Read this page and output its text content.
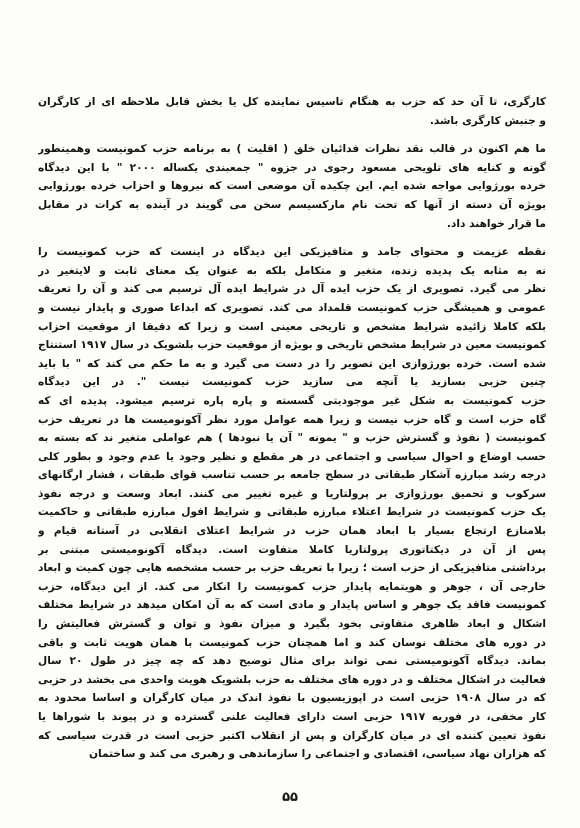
کارگری، تا آن حد که حزب به هنگام تاسیس نماینده کل یا بخش قابل ملاحظه ای از کارگران
و جنبش کارگری باشد.
ما هم اکنون در قالب نقد نظرات فدائیان خلق ( اقلیت ) به برنامه حزب کمونیست وهمینطور
گونه و کنایه های تلویحی مسعود رجوی در جزوه " جمعبندی یکساله ۲۰۰۰ " با این دیدگاه
خرده بورژوایی مواجه شده ایم. این چکیده آن موضعی است که نیروها و احزاب خرده بورژوایی
بویژه آن دسته از آنها که تحت نام مارکسیسم سخن می گویند در آینده به کرات در مقابل
ما قرار خواهند داد.
نقطه عزیمت و محتوای جامد و متافیزیکی این دیدگاه در اینست که حزب کمونیست را
نه به مثابه یک پدیده زنده، متغیر و متکامل بلکه به عنوان یک معنای ثابت و لایتغیر در
نظر می گیرد. تصویری از یک حزب ایده آل در شرایط ایده آل ترسیم می کند و آن را تعریف
عمومی و همیشگی حزب کمونیست قلمداد می کند. تصویری که ابداعا صوری و پایدار نیست و
بلکه کاملا زائیده شرایط مشخص و تاریخی معینی است و زیرا که دقیقا از موقعیت احزاب
کمونیست معین در شرایط مشخص تاریخی و بویژه از موقعیت حزب بلشویک در سال ۱۹۱۷ استنتاج
شده است. خرده بورژوازی این تصویر را در دست می گیرد و به ما حکم می کند که " با باید
چنین حزبی بسازید یا آنچه می سازید حزب کمونیست نیست ". در این دیدگاه
حزب کمونیست به شکل غیر موجودیتی گسسته و پاره پاره ترسیم میشود. پدیده ای که
گاه حزب است و گاه حزب نیست و زیرا همه عوامل مورد نظر آکونومیست ها در تعریف حزب
کمونیست ( نفوذ و گسترش حزب و " یمونه " آن یا نبودها ) هم عواملی متغیر ند که بسته به
حسب اوضاع و احوال سیاسی و اجتماعی در هر مقطع و نظیر وجود یا عدم وجود و بطور کلی
درجه رشد مبارزه آشکار طبقاتی در سطح جامعه بر حسب تناسب قوای طبقات ، فشار ارگانهای
سرکوب و تحمیق بورژوازی بر پرولتاریا و غیره تغییر می کنند. ابعاد وسعت و درجه نفوذ
یک حزب کمونیست در شرایط اعتلاء مبارزه طبقاتی و شرایط افول مبارزه طبقاتی و حاکمیت
بلامنازع ارتجاع بسیار با ابعاد همان حزب در شرایط اعتلای انقلابی در آستانه قیام و
پس از آن در دیکتاتوری پرولتاریا کاملا متفاوت است. دیدگاه آکونومیستی مبتنی بر
برداشتی متافیزیکی از حزب است ؛ زیرا با تعریف حزب بر حسب مشخصه هایی چون کمیت و ابعاد
خارجی آن ، جوهر و هویتمایه پایدار حزب کمونیست را انکار می کند. از این دیدگاه، حزب
کمونیست فاقد یک جوهر و اساس پایدار و مادی است که به آن امکان میدهد در شرایط مختلف
اشکال و ابعاد ظاهری متفاوتی بخود بگیرد و میزان نفوذ و توان و گسترش فعالیتش را
در دوره های مختلف نوسان کند و اما همچنان حزب کمونیست با همان هویت ثابت و باقی
بماند. دیدگاه آکونومیستی نمی تواند برای مثال توضیح دهد که چه چیز در طول ۲۰ سال
فعالیت در اشکال مختلف و در دوره های مختلف به حزب بلشویک هویت واحدی می بخشد در حزبی
که در سال ۱۹۰۸ حزبی است در اپوزیسیون با نفوذ اندک در میان کارگران و اساسا محدود به
کار مخفی، در فوریه ۱۹۱۷ حزبی است دارای فعالیت علنی گسترده و در پیوند با شوراها یا
نفوذ تعیین کننده ای در میان کارگران و پس از انقلاب اکتبر حزبی است در قدرت سیاسی که
که هزاران نهاد سیاسی، اقتصادی و اجتماعی را سازماندهی و رهبری می کند و ساختمان
۵۵
